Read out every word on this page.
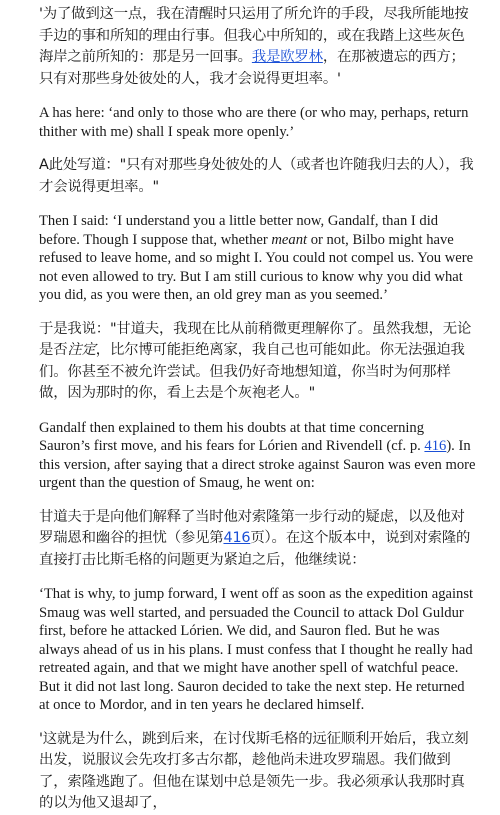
'为了做到这一点，我在清醒时只运用了所允许的手段，尽我所能地按手边的事和所知的理由行事。但我心中所知的，或在我踏上这些灰色海岸之前所知的：那是另一回事。我是欧罗林，在那被遗忘的西方；只有对那些身处彼处的人，我才会说得更坦率。'

A has here: ‘and only to those who are there (or who may, perhaps, return thither with me) shall I speak more openly.’

A此处写道："只有对那些身处彼处的人（或者也许随我归去的人），我才会说得更坦率。"

Then I said: ‘I understand you a little better now, Gandalf, than I did before. Though I suppose that, whether meant or not, Bilbo might have refused to leave home, and so might I. You could not compel us. You were not even allowed to try. But I am still curious to know why you did what you did, as you were then, an old grey man as you seemed.’

于是我说："甘道夫，我现在比从前稍微更理解你了。虽然我想，无论是否注定，比尔博可能拒绝离家，我自己也可能如此。你无法强迫我们。你甚至不被允许尝试。但我仍好奇地想知道，你当时为何那样做，因为那时的你，看上去是个灰袍老人。"

Gandalf then explained to them his doubts at that time concerning Sauron’s first move, and his fears for Lórien and Rivendell (cf. p. 416). In this version, after saying that a direct stroke against Sauron was even more urgent than the question of Smaug, he went on:

甘道夫于是向他们解释了当时他对索隆第一步行动的疑虑，以及他对罗瑞恩和幽谷的担忧（参见第416页）。在这个版本中，说到对索隆的直接打击比斯毛格的问题更为紧迫之后，他继续说：

‘That is why, to jump forward, I went off as soon as the expedition against Smaug was well started, and persuaded the Council to attack Dol Guldur first, before he attacked Lórien. We did, and Sauron fled. But he was always ahead of us in his plans. I must confess that I thought he really had retreated again, and that we might have another spell of watchful peace. But it did not last long. Sauron decided to take the next step. He returned at once to Mordor, and in ten years he declared himself.

'这就是为什么，跳到后来，在讨伐斯毛格的远征顺利开始后，我立刻出发，说服议会先攻打多古尔都，趁他尚未进攻罗瑞恩。我们做到了，索隆逃跑了。但他在谋划中总是领先一步。我必须承认我那时真的以为他又退却了，
